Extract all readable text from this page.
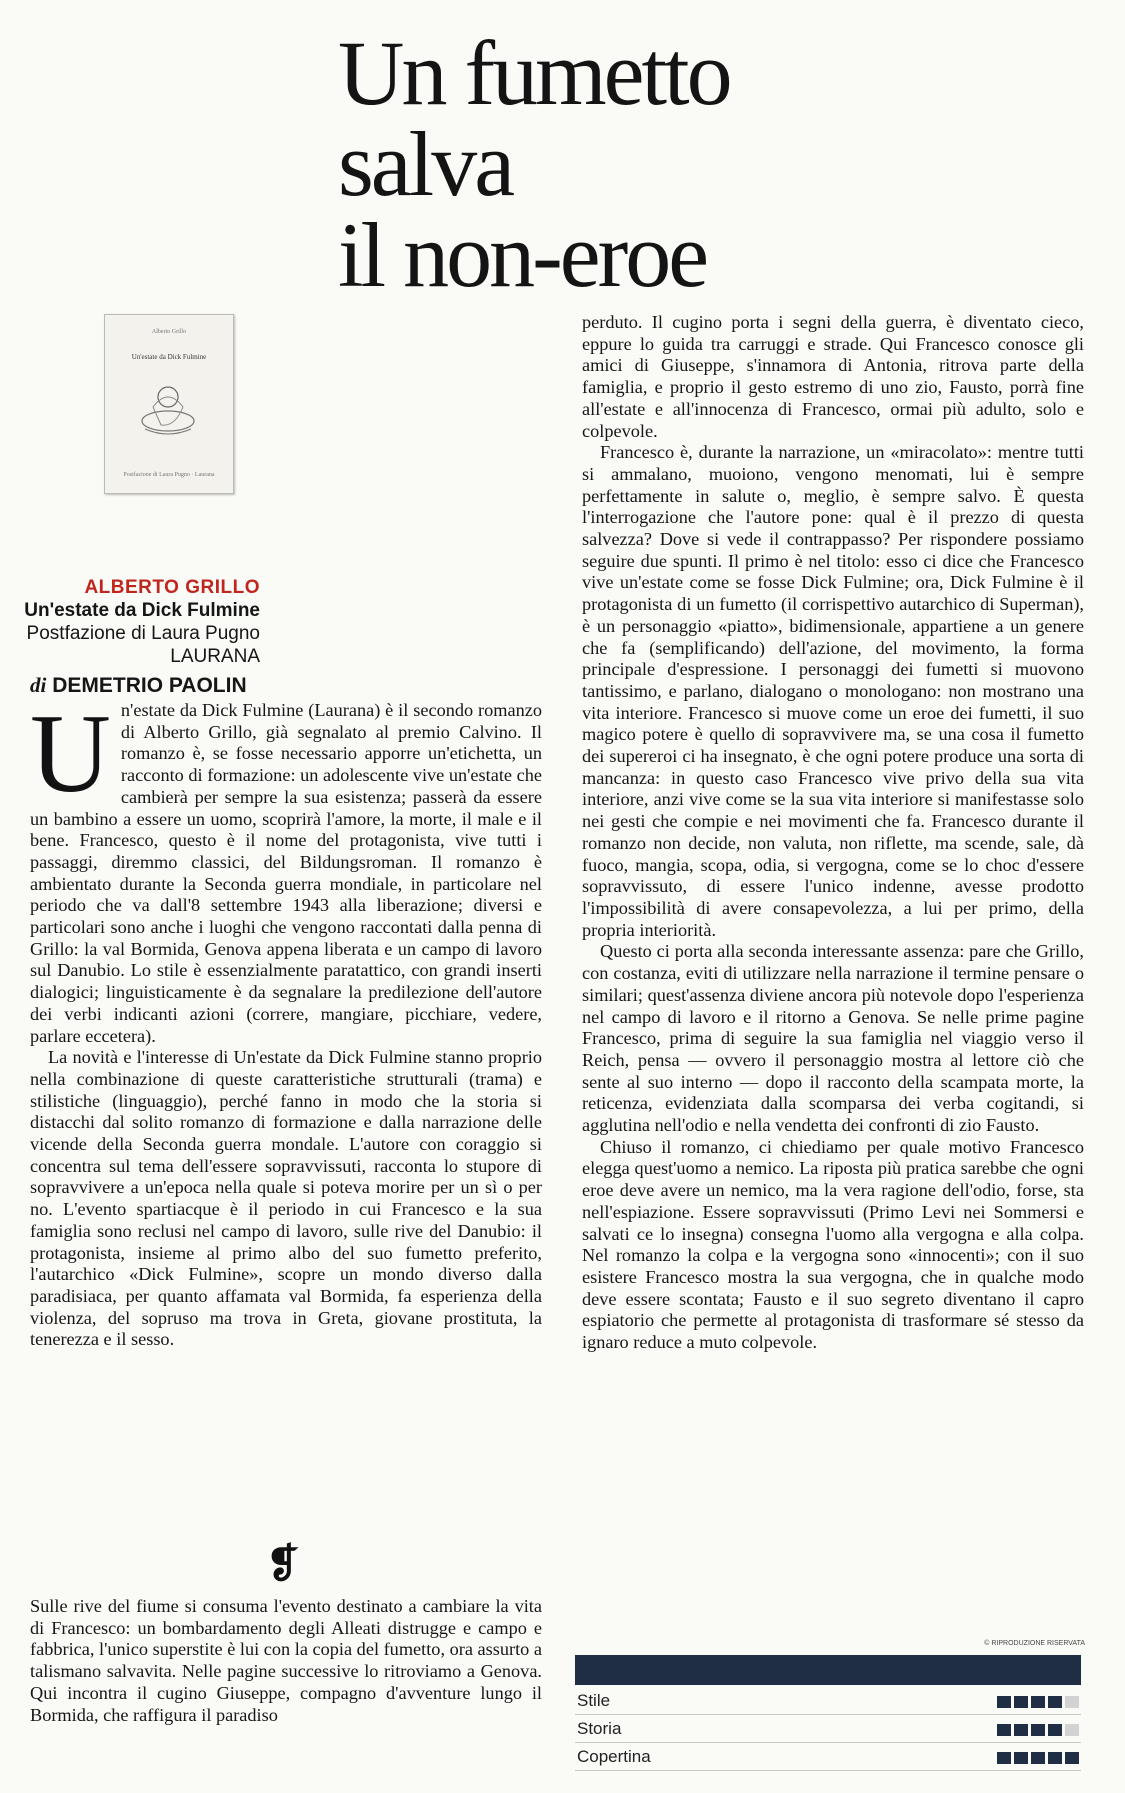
Un fumetto
salva
il non-eroe
Alberto Grillo
Un'estate da Dick Fulmine
Postfazione di Laura Pugno · Laurana
ALBERTO GRILLO
Un'estate da Dick Fulmine
Postfazione di Laura Pugno
LAURANA
di DEMETRIO PAOLIN
U n'estate da Dick Fulmine (Laurana) è il secondo romanzo di Alberto Grillo, già segnalato al premio Calvino. Il romanzo è, se fosse necessario apporre un'etichetta, un racconto di formazione: un adolescente vive un'estate che cambierà per sempre la sua esistenza; passerà da essere un bambino a essere un uomo, scoprirà l'amore, la morte, il male e il bene. Francesco, questo è il nome del protagonista, vive tutti i passaggi, diremmo classici, del Bildungsroman. Il romanzo è ambientato durante la Seconda guerra mondiale, in particolare nel periodo che va dall'8 settembre 1943 alla liberazione; diversi e particolari sono anche i luoghi che vengono raccontati dalla penna di Grillo: la val Bormida, Genova appena liberata e un campo di lavoro sul Danubio. Lo stile è essenzialmente paratattico, con grandi inserti dialogici; linguisticamente è da segnalare la predilezione dell'autore dei verbi indicanti azioni (correre, mangiare, picchiare, vedere, parlare eccetera).

La novità e l'interesse di Un'estate da Dick Fulmine stanno proprio nella combinazione di queste caratteristiche strutturali (trama) e stilistiche (linguaggio), perché fanno in modo che la storia si distacchi dal solito romanzo di formazione e dalla narrazione delle vicende della Seconda guerra mondale. L'autore con coraggio si concentra sul tema dell'essere sopravvissuti, racconta lo stupore di sopravvivere a un'epoca nella quale si poteva morire per un sì o per no. L'evento spartiacque è il periodo in cui Francesco e la sua famiglia sono reclusi nel campo di lavoro, sulle rive del Danubio: il protagonista, insieme al primo albo del suo fumetto preferito, l'autarchico «Dick Fulmine», scopre un mondo diverso dalla paradisiaca, per quanto affamata val Bormida, fa esperienza della violenza, del sopruso ma trova in Greta, giovane prostituta, la tenerezza e il sesso.

❡

Sulle rive del fiume si consuma l'evento destinato a cambiare la vita di Francesco: un bombardamento degli Alleati distrugge e campo e fabbrica, l'unico superstite è lui con la copia del fumetto, ora assurto a talismano salvavita. Nelle pagine successive lo ritroviamo a Genova. Qui incontra il cugino Giuseppe, compagno d'avventure lungo il Bormida, che raffigura il paradiso

perduto. Il cugino porta i segni della guerra, è diventato cieco, eppure lo guida tra carruggi e strade. Qui Francesco conosce gli amici di Giuseppe, s'innamora di Antonia, ritrova parte della famiglia, e proprio il gesto estremo di uno zio, Fausto, porrà fine all'estate e all'innocenza di Francesco, ormai più adulto, solo e colpevole.

Francesco è, durante la narrazione, un «miracolato»: mentre tutti si ammalano, muoiono, vengono menomati, lui è sempre perfettamente in salute o, meglio, è sempre salvo. È questa l'interrogazione che l'autore pone: qual è il prezzo di questa salvezza? Dove si vede il contrappasso? Per rispondere possiamo seguire due spunti. Il primo è nel titolo: esso ci dice che Francesco vive un'estate come se fosse Dick Fulmine; ora, Dick Fulmine è il protagonista di un fumetto (il corrispettivo autarchico di Superman), è un personaggio «piatto», bidimensionale, appartiene a un genere che fa (semplificando) dell'azione, del movimento, la forma principale d'espressione. I personaggi dei fumetti si muovono tantissimo, e parlano, dialogano o monologano: non mostrano una vita interiore. Francesco si muove come un eroe dei fumetti, il suo magico potere è quello di sopravvivere ma, se una cosa il fumetto dei supereroi ci ha insegnato, è che ogni potere produce una sorta di mancanza: in questo caso Francesco vive privo della sua vita interiore, anzi vive come se la sua vita interiore si manifestasse solo nei gesti che compie e nei movimenti che fa. Francesco durante il romanzo non decide, non valuta, non riflette, ma scende, sale, dà fuoco, mangia, scopa, odia, si vergogna, come se lo choc d'essere sopravvissuto, di essere l'unico indenne, avesse prodotto l'impossibilità di avere consapevolezza, a lui per primo, della propria interiorità.

Questo ci porta alla seconda interessante assenza: pare che Grillo, con costanza, eviti di utilizzare nella narrazione il termine pensare o similari; quest'assenza diviene ancora più notevole dopo l'esperienza nel campo di lavoro e il ritorno a Genova. Se nelle prime pagine Francesco, prima di seguire la sua famiglia nel viaggio verso il Reich, pensa — ovvero il personaggio mostra al lettore ciò che sente al suo interno — dopo il racconto della scampata morte, la reticenza, evidenziata dalla scomparsa dei verba cogitandi, si agglutina nell'odio e nella vendetta dei confronti di zio Fausto.

Chiuso il romanzo, ci chiediamo per quale motivo Francesco elegga quest'uomo a nemico. La riposta più pratica sarebbe che ogni eroe deve avere un nemico, ma la vera ragione dell'odio, forse, sta nell'espiazione. Essere sopravvissuti (Primo Levi nei Sommersi e salvati ce lo insegna) consegna l'uomo alla vergogna e alla colpa. Nel romanzo la colpa e la vergogna sono «innocenti»; con il suo esistere Francesco mostra la sua vergogna, che in qualche modo deve essere scontata; Fausto e il suo segreto diventano il capro espiatorio che permette al protagonista di trasformare sé stesso da ignaro reduce a muto colpevole.

© RIPRODUZIONE RISERVATA
Stile
Storia
Copertina
